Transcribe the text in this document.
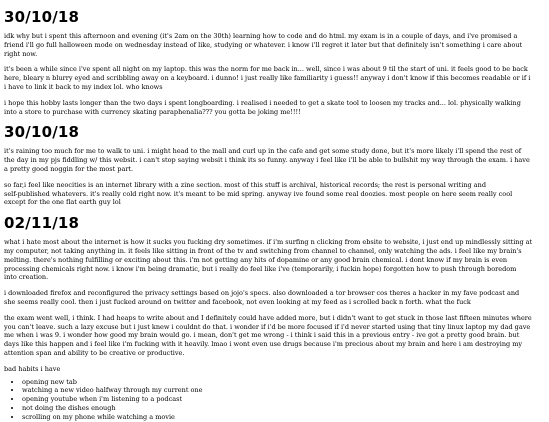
30/10/18

idk why but i spent this afternoon and evening (it's 2am on the 30th) learning how to code and do html. my exam is in a couple of days, and i've promised a
friend i'll go full halloween mode on wednesday instead of like, studying or whatever. i know i'll regret it later but that definitely isn't something i care about
right now.

it's been a while since i've spent all night on my laptop. this was the norm for me back in... well, since i was about 9 til the start of uni. it feels good to be back
here, bleary n blurry eyed and scribbling away on a keyboard. i dunno! i just really like familiarity i guess!! anyway i don't know if this becomes readable or if i
i have to link it back to my index lol. who knows

i hope this hobby lasts longer than the two days i spent longboarding. i realised i needed to get a skate tool to loosen my tracks and... lol. physically walking
into a store to purchase with currency skating paraphenalia??? you gotta be joking me!!!!

30/10/18

it's raining too much for me to walk to uni. i might head to the mall and curl up in the cafe and get some study done, but it's more likely i'll spend the rest of
the day in my pjs fiddling w/ this websit. i can't stop saying websit i think its so funny. anyway i feel like i'll be able to bullshit my way through the exam. i have
a pretty good noggin for the most part.

so far,i feel like neocities is an internet library with a zine section. most of this stuff is archival, historical records; the rest is personal writing and
self-published whatevers. it's really cold right now. it's meant to be mid spring. anyway ive found some real doozies. most people on here seem really cool
except for the one flat earth guy lol

02/11/18

what i hate most about the internet is how it sucks you fucking dry sometimes. if i'm surfing n clicking from ebsite to website, i just end up mindlessly sitting at
my computer, not taking anything in. it feels like sitting in front of the tv and switching from channel to channel, only watching the ads. i feel like my brain's
melting. there's nothing fulfilling or exciting about this. i'm not getting any hits of dopamine or any good brain chemical. i dont know if my brain is even
processing chemicals right now. i know i'm being dramatic, but i really do feel like i've (temporarily, i fuckin hope) forgotten how to push through boredom
into creation.

i downloaded firefox and reconfigured the privacy settings based on jojo's specs. also downloaded a tor browser cos theres a hacker in my fave podcast and
she seems really cool. then i just fucked around on twitter and facebook, not even looking at my feed as i scrolled back n forth. what the fuck

the exam went well, i think. I had heaps to write about and I definitely could have added more, but i didn't want to get stuck in those last fifteen minutes where
you can't leave. such a lazy excuse but i just knew i couldnt do that. i wonder if i'd be more focused if i'd never started using that tiny linux laptop my dad gave
me when i was 9. i wonder how good my brain would go. i mean, don't get me wrong - i think i said this in a previous entry - ive got a pretty good brain. but
days like this happen and i feel like i'm fucking with it heavily. lmao i wont even use drugs because i'm precious about my brain and here i am destroying my
attention span and ability to be creative or productive.

bad habits i have

• opening new tab
• watching a new video halfway through my current one
• opening youtube when i'm listening to a podcast
• not doing the dishes enough
• scrolling on my phone while watching a movie
